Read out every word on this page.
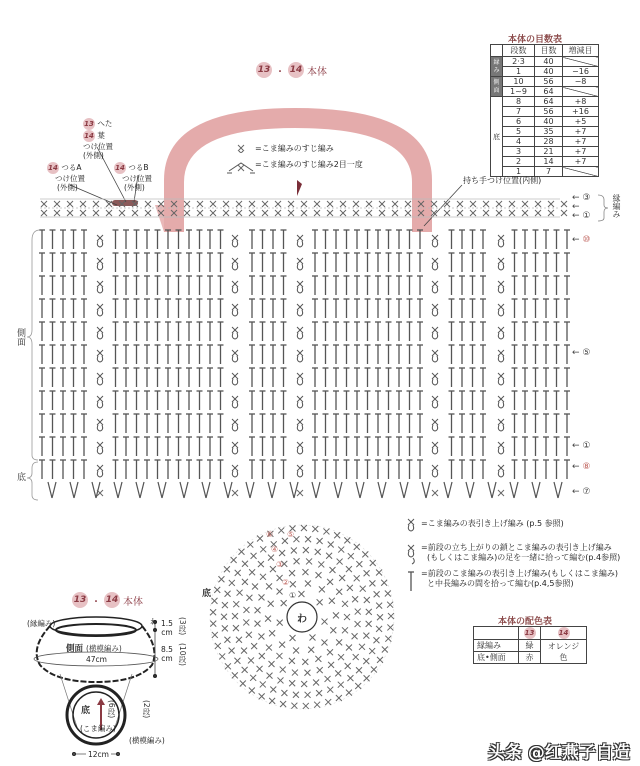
13 ・ 14 本体
本体の目数表
	段数	目数	増減目
縁
み	2·3	40	
	1	40	−16
側
面	10	56	−8
	1~9	64	
底	8	64	+8
	7	56	+16
	6	40	+5
	5	35	+7
	4	28	+7
	3	21	+7
	2	14	+7
	1	7	
13 へた
14 葉
つけ位置
(外側)
14 つるA
つけ位置
(外側)
14 つるB
つけ位置
(外側)
持ち手つけ位置(内側)
=こま編みのすじ編み
=こま編みのすじ編み2目一度
← ③
←
← ①
← ⑩
← ⑤
← ①
← ⑧
← ⑦
縁編み
側面
底
=こま編みの表引き上げ編み (p.5 参照)
=前段の立ち上がりの鎖とこま編みの表引き上げ編み
(もしくはこま編み)の足を一緒に拾って編む(p.4参照)
=前段のこま編みの表引き上げ編み(もしくはこま編み)
と中長編みの間を拾って編む(p.4,5参照)
本体の配色表
	13	14
縁編み	緑	オレンジ色
底•側面	赤	
底
わ
①
②
③
④
⑤
⑥
13 ・ 14 本体
(縁編み)	わ
側面 (横模編み)
47cm
1.5
cm
8.5
cm
(3段)
(10段)
底 (6段)
(こま編み)
(2段)
(横模編み)
12cm	头条 @红燕子自造
